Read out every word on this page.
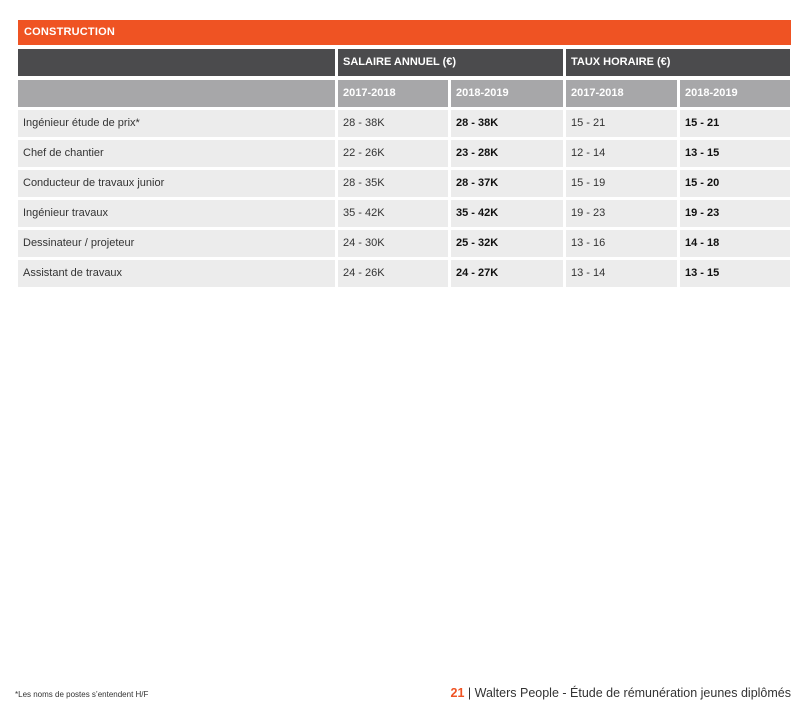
CONSTRUCTION
SALAIRE ANNUEL (€)	TAUX HORAIRE (€)
2017-2018	2018-2019	2017-2018	2018-2019
Ingénieur étude de prix*	28 - 38K	28 - 38K	15 - 21	15 - 21
Chef de chantier	22 - 26K	23 - 28K	12 - 14	13 - 15
Conducteur de travaux junior	28 - 35K	28 - 37K	15 - 19	15 - 20
Ingénieur travaux	35 - 42K	35 - 42K	19 - 23	19 - 23
Dessinateur / projeteur	24 - 30K	25 - 32K	13 - 16	14 - 18
Assistant de travaux	24 - 26K	24 - 27K	13 - 14	13 - 15
*Les noms de postes s’entendent H/F	21 | Walters People - Étude de rémunération jeunes diplômés
